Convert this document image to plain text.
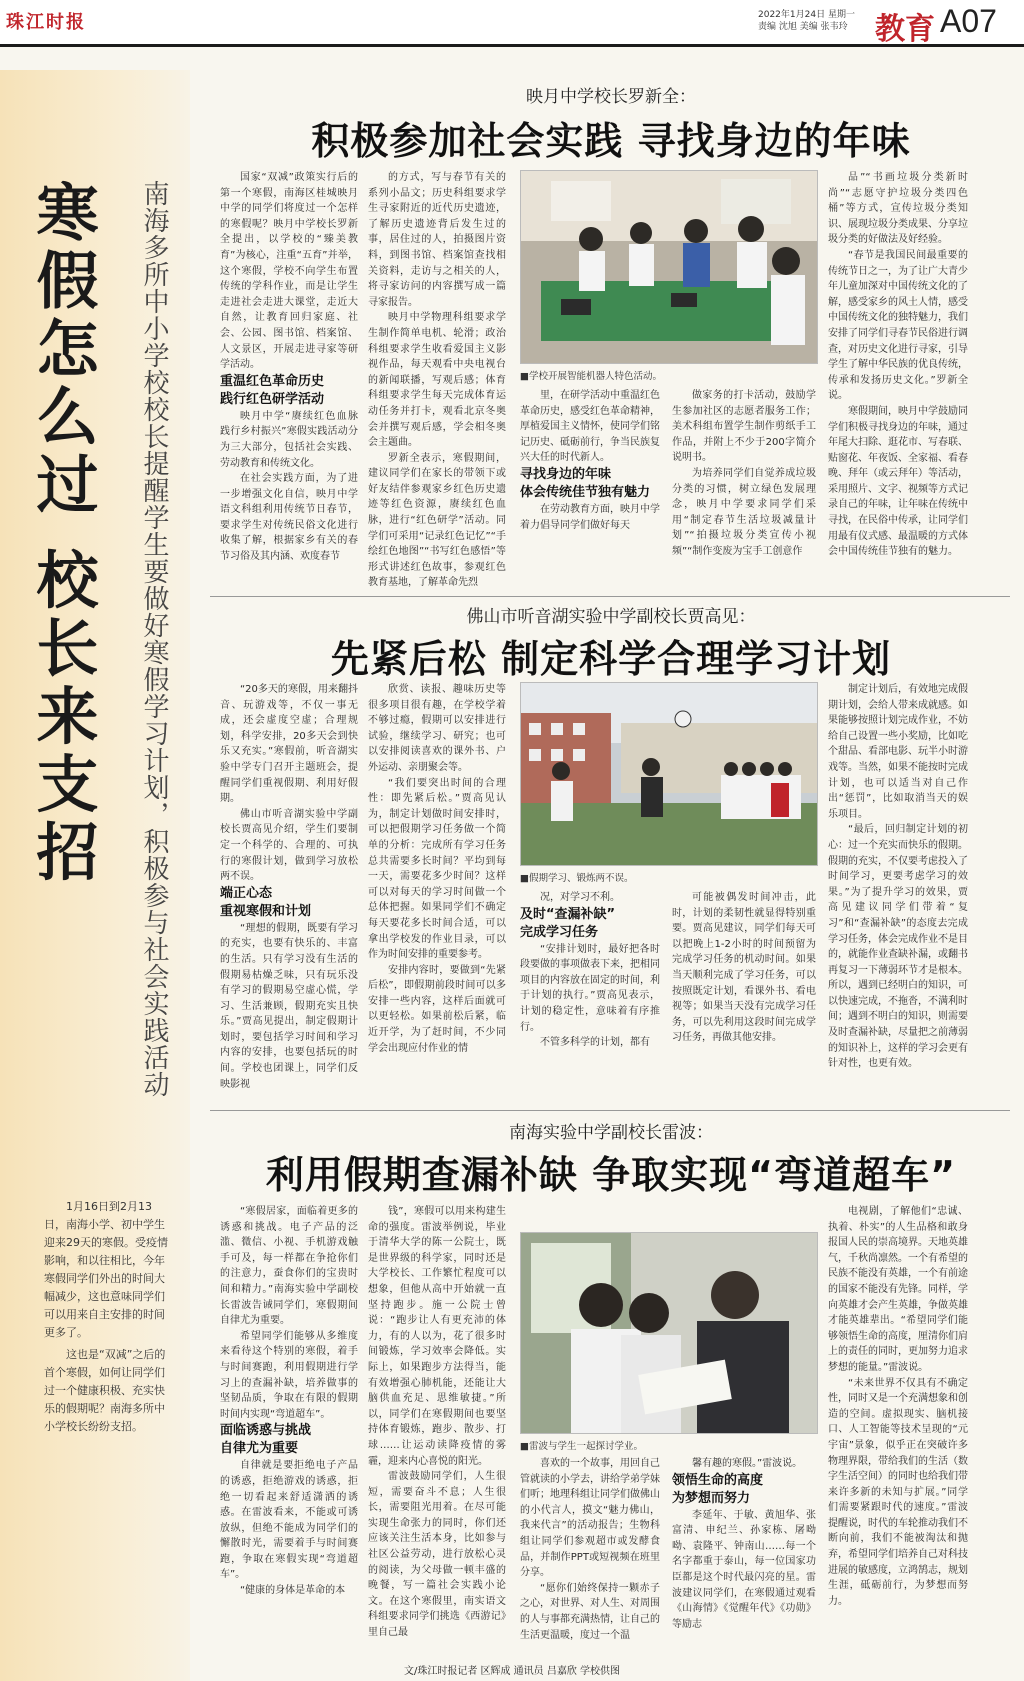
珠江时报	2022年1月24日 星期一
责编 沈旭 美编 张韦玲 教育 A07
寒假怎么过 校长来支招	南海多所中小学校校长提醒学生要做好寒假学习计划，积极参与社会实践活动

1月16日到2月13日，南海小学、初中学生迎来29天的寒假。受疫情影响，和以往相比，今年寒假同学们外出的时间大幅减少，这也意味同学们可以用来自主安排的时间更多了。

这也是“双减”之后的首个寒假，如何让同学们过一个健康积极、充实快乐的假期呢？南海多所中小学校长纷纷支招。

映月中学校长罗新全：
积极参加社会实践 寻找身边的年味

国家“双减”政策实行后的第一个寒假，南海区桂城映月中学的同学们将度过一个怎样的寒假呢？映月中学校长罗新全提出，以学校的“臻美教育”为核心，注重“五育”并举，这个寒假，学校不向学生布置传统的学科作业，而是让学生走进社会走进大课堂，走近大自然，让教育回归家庭、社会、公园、图书馆、档案馆、人文景区，开展走进寻家等研学活动。

重温红色革命历史

践行红色研学活动

映月中学“赓续红色血脉 践行乡村振兴”寒假实践活动分为三大部分，包括社会实践、劳动教育和传统文化。

在社会实践方面，为了进一步增强文化自信，映月中学语文科组利用传统节日春节，要求学生对传统民俗文化进行收集了解，根据家乡有关的春节习俗及其内涵、欢度春节

的方式，写与春节有关的系列小品文；历史科组要求学生寻家附近的近代历史遗迹，了解历史遗迹背后发生过的事，居住过的人，拍摄图片资料，到图书馆、档案馆查找相关资料，走访与之相关的人，将寻家访问的内容撰写成一篇寻家报告。

映月中学物理科组要求学生制作简单电机、轮滑；政治科组要求学生收看爱国主义影视作品，每天观看中央电视台的新闻联播，写观后感；体育科组要求学生每天完成体育运动任务并打卡，观看北京冬奥会并撰写观后感，学会相冬奥会主题曲。

罗新全表示，寒假期间，建议同学们在家长的带领下或好友结伴参观家乡红色历史遗迹等红色资源，赓续红色血脉，进行“红色研学”活动。同学们可采用“记录红色记忆”“手绘红色地图”“书写红色感悟”等形式讲述红色故事，参观红色教育基地，了解革命先烈

■学校开展智能机器人特色活动。

里，在研学活动中重温红色革命历史，感受红色革命精神，厚植爱国主义情怀，使同学们铭记历史、砥砺前行，争当民族复兴大任的时代新人。

寻找身边的年味

体会传统佳节独有魅力

在劳动教育方面，映月中学着力倡导同学们做好每天

做家务的打卡活动，鼓励学生参加社区的志愿者服务工作；美术科组布置学生制作剪纸手工作品，并附上不少于200字简介说明书。

为培养同学们自觉养成垃圾分类的习惯，树立绿色发展理念，映月中学要求同学们采用“制定春节生活垃圾减量计划”“拍摄垃圾分类宣传小视频”“制作变废为宝手工创意作

品”“书画垃圾分类新时尚”“志愿守护垃圾分类四色桶”等方式，宣传垃圾分类知识、展现垃圾分类成果、分享垃圾分类的好做法及好经验。

“春节是我国民间最重要的传统节日之一，为了让广大青少年儿童加深对中国传统文化的了解，感受家乡的风土人情，感受中国传统文化的独特魅力，我们安排了同学们寻春节民俗进行调查，对历史文化进行寻家，引导学生了解中华民族的优良传统，传承和发扬历史文化。”罗新全说。

寒假期间，映月中学鼓励同学们积极寻找身边的年味，通过年尾大扫除、逛花市、写春联、贴窗花、年夜饭、全家福、看春晚、拜年（或云拜年）等活动，采用照片、文字、视频等方式记录自己的年味，让年味在传统中寻找，在民俗中传承，让同学们用最有仪式感、最温暖的方式体会中国传统佳节独有的魅力。

佛山市听音湖实验中学副校长贾高见：
先紧后松 制定科学合理学习计划

“20多天的寒假，用来翻抖音、玩游戏等，不仅一事无成，还会虚度空虚；合理规划，科学安排，20多天会到快乐又充实。”寒假前，听音湖实验中学专门召开主题班会，提醒同学们重视假期、利用好假期。

佛山市听音湖实验中学副校长贾高见介绍，学生们要制定一个科学的、合理的、可执行的寒假计划，做到学习放松两不误。

端正心态

重视寒假和计划

“理想的假期，既要有学习的充实，也要有快乐的、丰富的生活。只有学习没有生活的假期易枯燥乏味，只有玩乐没有学习的假期易空虚心慌，学习、生活兼顾，假期充实且快乐。”贾高见提出，制定假期计划时，要包括学习时间和学习内容的安排，也要包括玩的时间。学校也团课上，同学们反映影视

欣赏、读报、趣味历史等很多项目很有趣，在学校学着不够过瘾，假期可以安排进行试验，继续学习、研究；也可以安排阅读喜欢的课外书、户外运动、亲朋聚会等。

“我们要突出时间的合理性：即先紧后松。”贾高见认为，制定计划做时间安排时，可以把假期学习任务做一个简单的分析：完成所有学习任务总共需要多长时间？平均到每一天，需要花多少时间？这样可以对每天的学习时间做一个总体把握。如果同学们不确定每天要花多长时间合适，可以拿出学校发的作业目录，可以作为时间安排的重要参考。

安排内容时，要做到“先紧后松”，即假期前段时间可以多安排一些内容，这样后面就可以更轻松。如果前松后紧，临近开学，为了赶时间，不少同学会出现应付作业的情

■假期学习、锻炼两不误。

况，对学习不利。

及时“查漏补缺”

完成学习任务

“安排计划时，最好把各时段要做的事项做表下来，把相同项目的内容放在固定的时间，利于计划的执行。”贾高见表示，计划的稳定性，意味着有序推行。

不管多科学的计划，都有

可能被偶发时间冲击，此时，计划的柔韧性就显得特别重要。贾高见建议，同学们每天可以把晚上1-2小时的时间预留为完成学习任务的机动时间。如果当天顺利完成了学习任务，可以按照既定计划，看课外书、看电视等；如果当天没有完成学习任务，可以先利用这段时间完成学习任务，再做其他安排。

制定计划后，有效地完成假期计划，会给人带来成就感。如果能够按照计划完成作业，不妨给自己设置一些小奖励，比如吃个甜品、看部电影、玩半小时游戏等。当然，如果不能按时完成计划，也可以适当对自己作出“惩罚”，比如取消当天的娱乐项目。

“最后，回归制定计划的初心：过一个充实而快乐的假期。假期的充实，不仅要考虑投入了时间学习，更要考虑学习的效果。”为了提升学习的效果，贾高见建议同学们带着“复习”和“查漏补缺”的态度去完成学习任务，体会完成作业不是目的，就能作业查缺补漏，或翻书再复习一下薄弱环节才是根本。所以，遇到已经明白的知识，可以快速完成，不拖沓，不满利时间；遇到不明白的知识，则需要及时查漏补缺，尽量把之前薄弱的知识补上，这样的学习会更有针对性，也更有效。

南海实验中学副校长雷波：
利用假期查漏补缺 争取实现“弯道超车”

“寒假居家，面临着更多的诱惑和挑战。电子产品的泛滥、微信、小视、手机游戏触手可及，每一样都在争抢你们的注意力，蚕食你们的宝贵时间和精力。”南海实验中学副校长雷波告诫同学们，寒假期间自律尤为重要。

希望同学们能够从多维度来看待这个特别的寒假，着手与时间赛跑，利用假期进行学习上的查漏补缺，培养做事的坚韧品质，争取在有限的假期时间内实现“弯道超车”。

面临诱惑与挑战

自律尤为重要

自律就是要拒绝电子产品的诱惑，拒绝游戏的诱惑，拒绝一切看起来舒适潇洒的诱惑。在雷波看来，不能或可诱放纵，但绝不能成为同学们的懈散时光，需要着手与时间赛跑，争取在寒假实现“弯道超车”。

“健康的身体是革命的本

钱”，寒假可以用来构建生命的强度。雷波举例说，毕业于清华大学的陈一公院士，既是世界级的科学家，同时还是大学校长、工作繁忙程度可以想象，但他从高中开始就一直坚持跑步。施一公院士曾说：“跑步让人有更充沛的体力，有的人以为，花了很多时间锻炼，学习效率会降低。实际上，如果跑步方法得当，能有效增强心肺机能，还能让大脑供血充足、思维敏捷。”所以，同学们在寒假期间也要坚持体育锻炼，跑步、散步、打球……让运动读降疫情的雾霾，迎来内心喜悦的阳光。

雷波鼓励同学们，人生很短，需要奋斗不息；人生很长，需要阻光用着。在尽可能实现生命张力的同时，你们还应该关注生活本身，比如参与社区公益劳动，进行放松心灵的阅读，为父母做一顿丰盛的晚餐，写一篇社会实践小论文。在这个寒假里，南实语文科组要求同学们挑选《西游记》里自己最

■雷波与学生一起探讨学业。

喜欢的一个故事，用回自己管就读的小学去，讲给学弟学妹们听；地理科组让同学们做佛山的小代言人，摸文“魅力佛山，我来代言”的活动报告；生物科组让同学们参观超市或发酵食品，并制作PPT或短视频在班里分享。

“愿你们始终保持一颗赤子之心，对世界、对人生、对周围的人与事都充满热情，让自己的生活更温暖，度过一个温

馨有趣的寒假。”雷波说。

领悟生命的高度

为梦想而努力

李延年、于敏、黄旭华、张富清、申纪兰、孙家栋、屠呦呦、袁隆平、钟南山……每一个名字都重于泰山，每一位国家功臣都是这个时代最闪亮的星。雷波建议同学们，在寒假通过观看《山海情》《觉醒年代》《功勋》等励志

电视剧，了解他们“忠诚、执着、朴实”的人生品格和敢身报国人民的崇高境界。天地英雄气，千秋尚凛然。一个有希望的民族不能没有英雄，一个有前途的国家不能没有先锋。同样，学向英雄才会产生英雄，争做英雄才能英雄辈出。“希望同学们能够领悟生命的高度，厘清你们肩上的责任的同时，更加努力追求梦想的能量。”雷波说。

“未来世界不仅具有不确定性，同时又是一个充满想象和创造的空间。虚拟现实、脑机接口、人工智能等技术呈现的“元宇宙”景象，似乎正在突破许多物理界限，带给我们的生活（数字生活空间）的同时也给我们带来许多新的未知与扩展。”同学们需要紧跟时代的速度。”雷波提醒说，时代的车轮推动我们不断向前，我们不能被淘汰和抛弃，希望同学们培养自己对科技进展的敏感度，立鸿鹄志，规划生涯，砥砺前行，为梦想而努力。

文/珠江时报记者 区辉成 通讯员 吕嘉欣 学校供图
